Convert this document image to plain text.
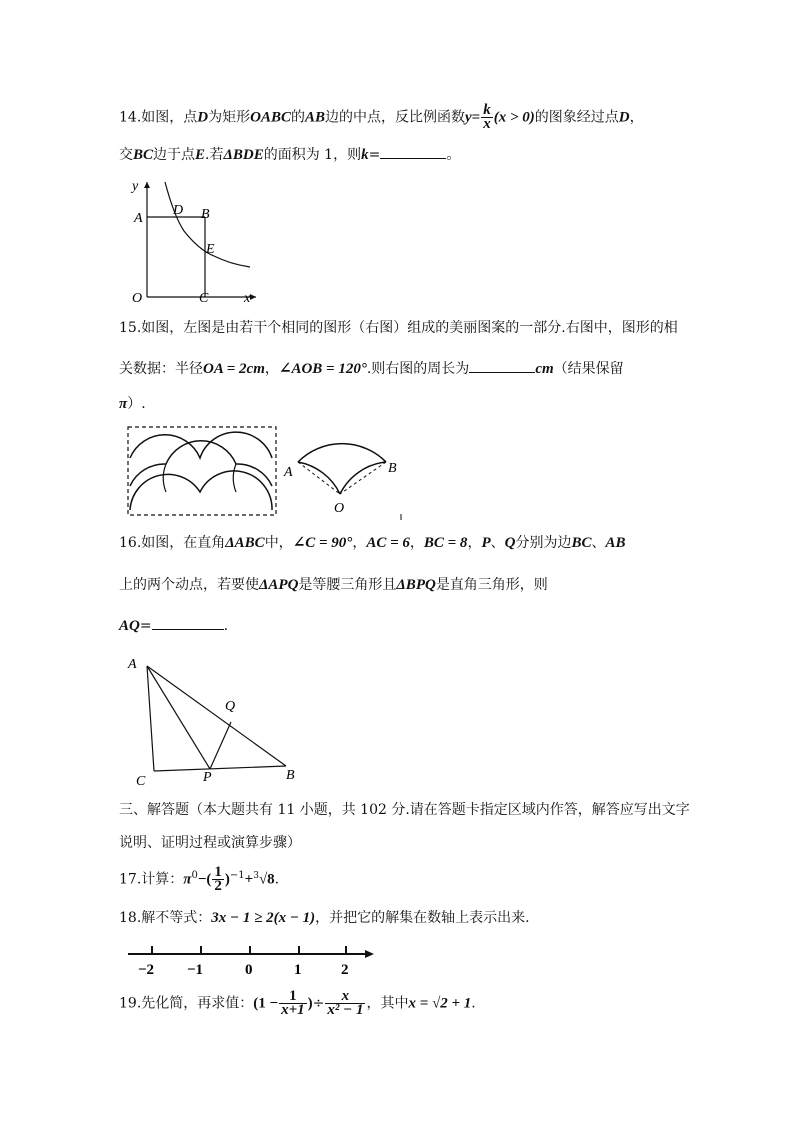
14.如图，点D为矩形OABC的AB边的中点，反比例函数$y= \frac{k}{x} (x > 0)$的图象经过点D，
交BC边于点E.若ΔBDE的面积为 1，则k=	。
y
A
D B
E
O	C	x
15.如图，左图是由若干个相同的图形（右图）组成的美丽图案的一部分.右图中，图形的相
关数据：半径OA = 2cm，∠AOB = 120°.则右图的周长为	cm（结果保留
π）.
A	B
O
16.如图，在直角ΔABC中，∠C = 90°，AC = 6，BC = 8，P、Q分别为边BC、AB
上的两个动点，若要使ΔAPQ是等腰三角形且ΔBPQ是直角三角形，则
AQ=	.
A
Q
C	P	B
三、解答题（本大题共有 11 小题，共 102 分.请在答题卡指定区域内作答，解答应写出文字
说明、证明过程或演算步骤）
17.计算：$\pi^0-( \frac{1}{2} )^{-1}+^3√8$.
18.解不等式：3x − 1 ≥ 2(x − 1)，并把它的解集在数轴上表示出来.
−2 −1	0	1	2
19.先化简，再求值：($1 - \frac{1}{x+1}$ )÷ $\frac{x}{\text{x² − 1}}$ ，其中x = √2 + 1.
